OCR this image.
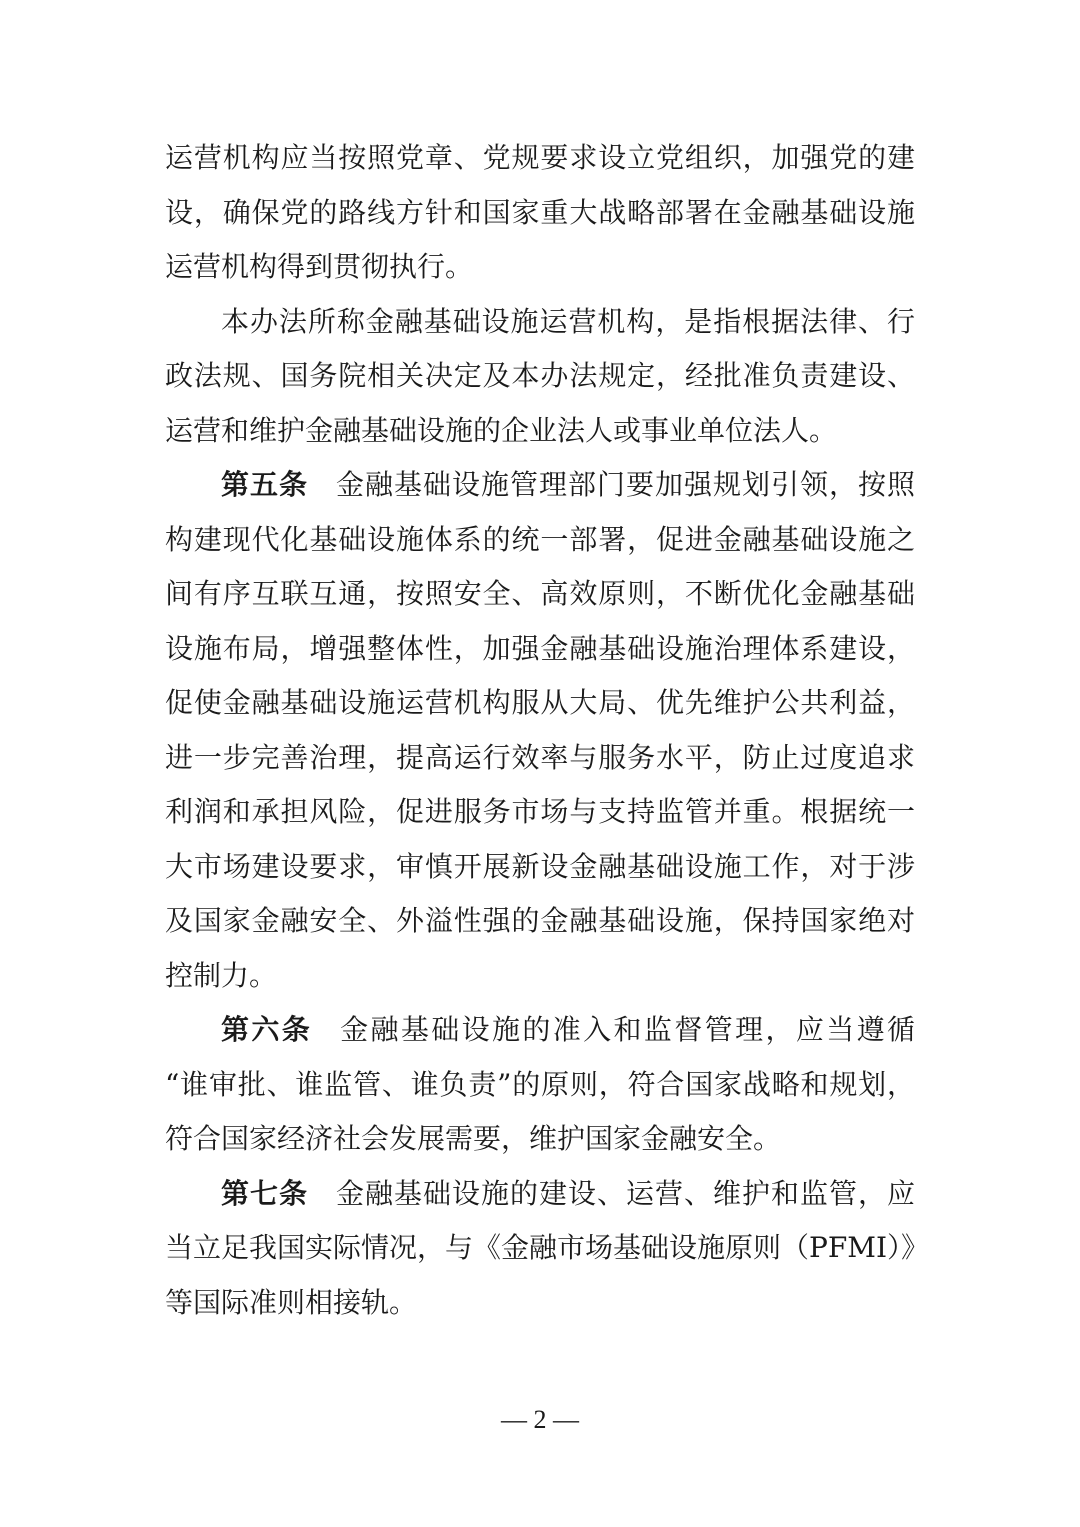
运营机构应当按照党章、党规要求设立党组织，加强党的建
设，确保党的路线方针和国家重大战略部署在金融基础设施
运营机构得到贯彻执行。
本办法所称金融基础设施运营机构，是指根据法律、行
政法规、国务院相关决定及本办法规定，经批准负责建设、
运营和维护金融基础设施的企业法人或事业单位法人。
第五条 金融基础设施管理部门要加强规划引领，按照
构建现代化基础设施体系的统一部署，促进金融基础设施之
间有序互联互通，按照安全、高效原则，不断优化金融基础
设施布局，增强整体性，加强金融基础设施治理体系建设，
促使金融基础设施运营机构服从大局、优先维护公共利益，
进一步完善治理，提高运行效率与服务水平，防止过度追求
利润和承担风险，促进服务市场与支持监管并重。根据统一
大市场建设要求，审慎开展新设金融基础设施工作，对于涉
及国家金融安全、外溢性强的金融基础设施，保持国家绝对
控制力。
第六条 金融基础设施的准入和监督管理，应当遵循
“谁审批、谁监管、谁负责”的原则，符合国家战略和规划，
符合国家经济社会发展需要，维护国家金融安全。
第七条 金融基础设施的建设、运营、维护和监管，应
当立足我国实际情况，与《金融市场基础设施原则（PFMI）》
等国际准则相接轨。
— 2 —
